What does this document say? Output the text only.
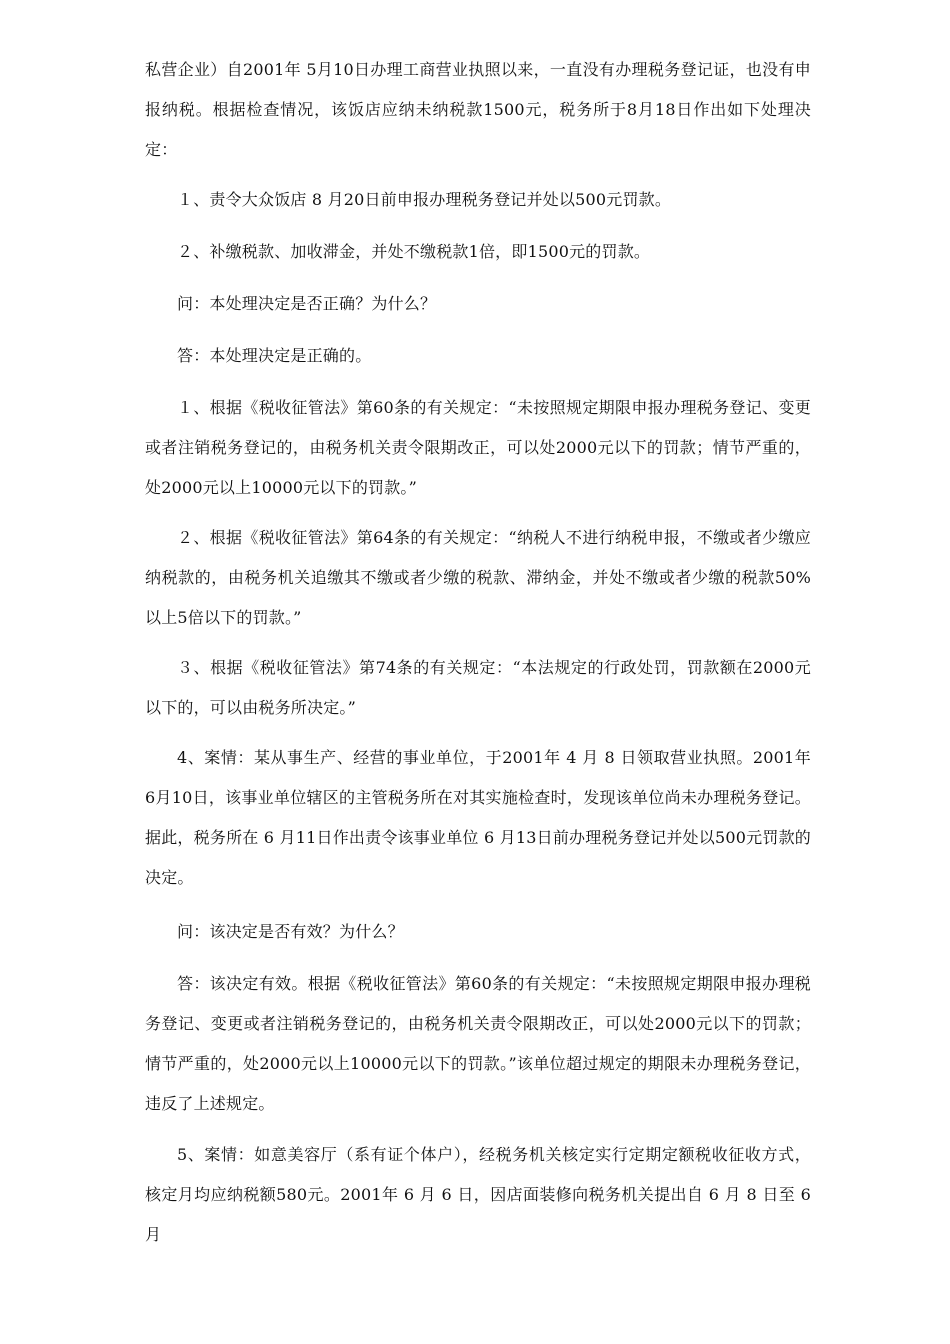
私营企业）自2001年 5月10日办理工商营业执照以来，一直没有办理税务登记证，也没有申报纳税。根据检查情况，该饭店应纳未纳税款1500元，税务所于8月18日作出如下处理决定：

１、责令大众饭店 8 月20日前申报办理税务登记并处以500元罚款。

２、补缴税款、加收滞金，并处不缴税款1倍，即1500元的罚款。

问：本处理决定是否正确？为什么？

答：本处理决定是正确的。

１、根据《税收征管法》第60条的有关规定：“未按照规定期限申报办理税务登记、变更或者注销税务登记的，由税务机关责令限期改正，可以处2000元以下的罚款；情节严重的，处2000元以上10000元以下的罚款。”

２、根据《税收征管法》第64条的有关规定：“纳税人不进行纳税申报，不缴或者少缴应纳税款的，由税务机关追缴其不缴或者少缴的税款、滞纳金，并处不缴或者少缴的税款50%以上5倍以下的罚款。”

３、根据《税收征管法》第74条的有关规定：“本法规定的行政处罚，罚款额在2000元以下的，可以由税务所决定。”

4、案情：某从事生产、经营的事业单位，于2001年 4 月 8 日领取营业执照。2001年 6月10日，该事业单位辖区的主管税务所在对其实施检查时，发现该单位尚未办理税务登记。据此，税务所在 6 月11日作出责令该事业单位 6 月13日前办理税务登记并处以500元罚款的决定。

问：该决定是否有效？为什么？

答：该决定有效。根据《税收征管法》第60条的有关规定：“未按照规定期限申报办理税务登记、变更或者注销税务登记的，由税务机关责令限期改正，可以处2000元以下的罚款；情节严重的，处2000元以上10000元以下的罚款。”该单位超过规定的期限未办理税务登记，违反了上述规定。

5、案情：如意美容厅（系有证个体户），经税务机关核定实行定期定额税收征收方式，核定月均应纳税额580元。2001年 6 月 6 日，因店面装修向税务机关提出自 6 月 8 日至 6 月
